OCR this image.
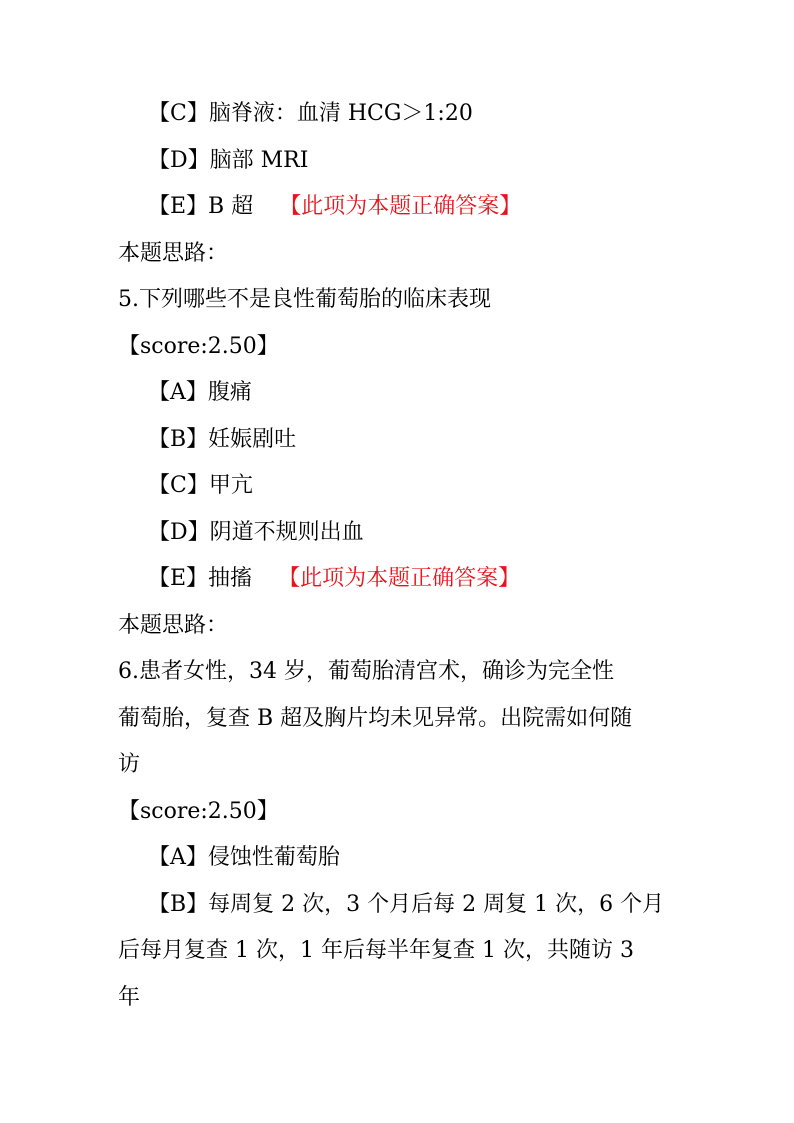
【C】脑脊液：血清 HCG＞1:20
【D】脑部 MRI
【E】B 超 【此项为本题正确答案】
本题思路：
5.下列哪些不是良性葡萄胎的临床表现
【score:2.50】
【A】腹痛
【B】妊娠剧吐
【C】甲亢
【D】阴道不规则出血
【E】抽搐 【此项为本题正确答案】
本题思路：
6.患者女性，34 岁，葡萄胎清宫术，确诊为完全性
葡萄胎，复查 B 超及胸片均未见异常。出院需如何随
访
【score:2.50】
【A】侵蚀性葡萄胎
【B】每周复 2 次，3 个月后每 2 周复 1 次，6 个月
后每月复查 1 次，1 年后每半年复查 1 次，共随访 3
年
